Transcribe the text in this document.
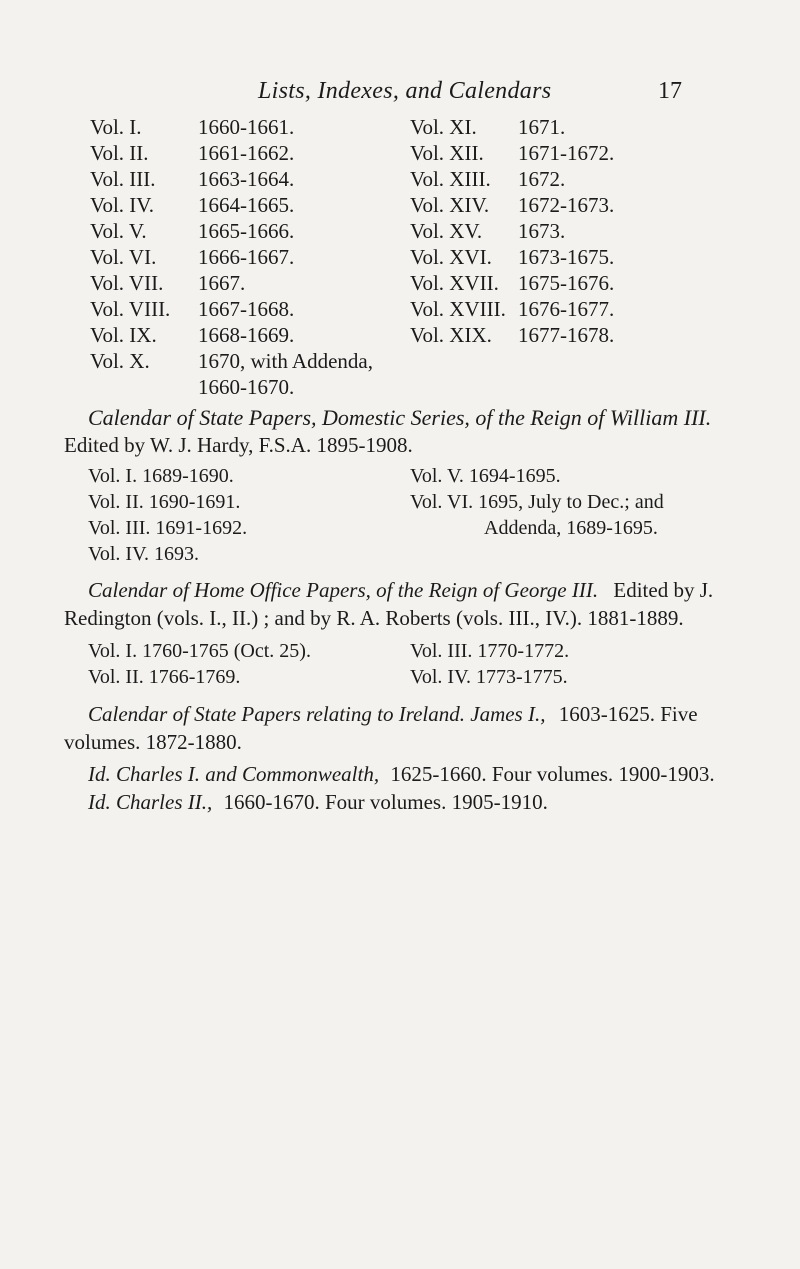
Lists, Indexes, and Calendars	17
Vol. I.	1660-1661.
Vol. II. 1661-1662.
Vol. III. 1663-1664.
Vol. IV. 1664-1665.
Vol. V. 1665-1666.
Vol. VI. 1666-1667.
Vol. VII. 1667.
Vol. VIII. 1667-1668.
Vol. IX. 1668-1669.
Vol. X. 1670, with Addenda,
1660-1670.
Vol. XI. 1671.
Vol. XII. 1671-1672.
Vol. XIII. 1672.
Vol. XIV. 1672-1673.
Vol. XV. 1673.
Vol. XVI. 1673-1675.
Vol. XVII. 1675-1676.
Vol. XVIII. 1676-1677.
Vol. XIX. 1677-1678.
Calendar of State Papers, Domestic Series, of the Reign of William III.
Edited by W. J. Hardy, F.S.A. 1895-1908.
Vol. I. 1689-1690.
Vol. II. 1690-1691.
Vol. III. 1691-1692.
Vol. IV. 1693.
Vol. V. 1694-1695.
Vol. VI. 1695, July to Dec.; and
Addenda, 1689-1695.
Calendar of Home Office Papers, of the Reign of George III. Edited by J.
Redington (vols. I., II.) ; and by R. A. Roberts (vols. III., IV.). 1881-1889.
Vol. I. 1760-1765 (Oct. 25).
Vol. II. 1766-1769.
Vol. III. 1770-1772.
Vol. IV. 1773-1775.
Calendar of State Papers relating to Ireland. James I., 1603-1625. Five
volumes. 1872-1880.
Id. Charles I. and Commonwealth, 1625-1660. Four volumes. 1900-1903.
Id. Charles II., 1660-1670. Four volumes. 1905-1910.
